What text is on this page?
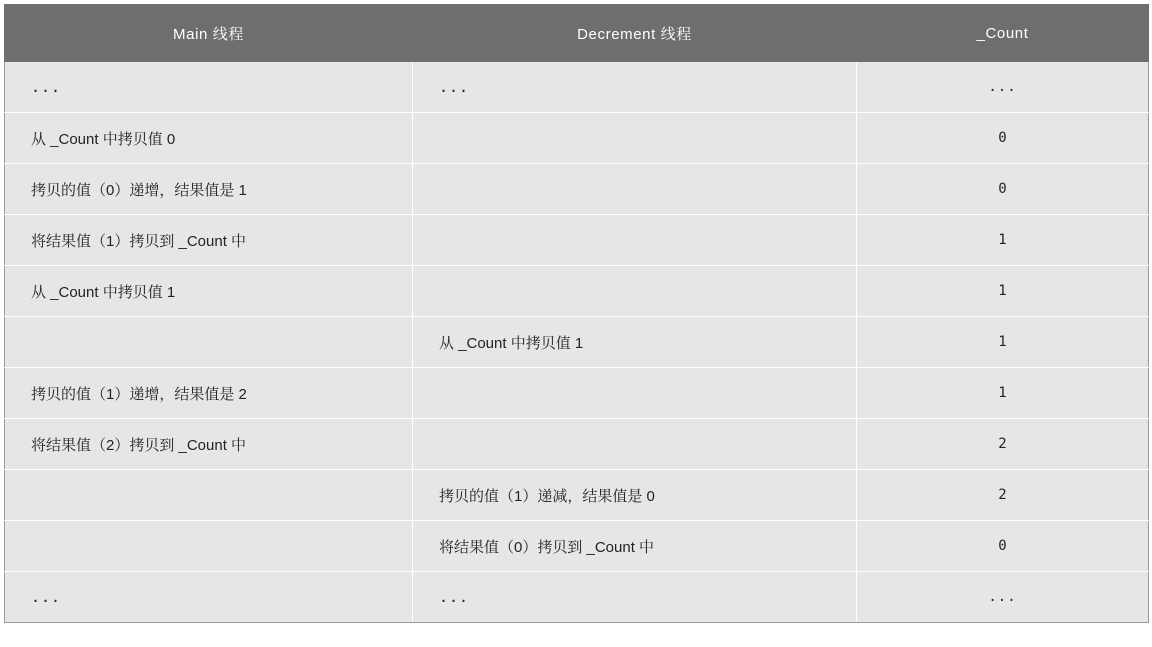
Main 线程	Decrement 线程	_Count
...	...	...
从 _Count 中拷贝值 0		0
拷贝的值（0）递增，结果值是 1		0
将结果值（1）拷贝到 _Count 中		1
从 _Count 中拷贝值 1		1
	从 _Count 中拷贝值 1	1
拷贝的值（1）递增，结果值是 2		1
将结果值（2）拷贝到 _Count 中		2
	拷贝的值（1）递减，结果值是 0	2
	将结果值（0）拷贝到 _Count 中	0
...	...	...
